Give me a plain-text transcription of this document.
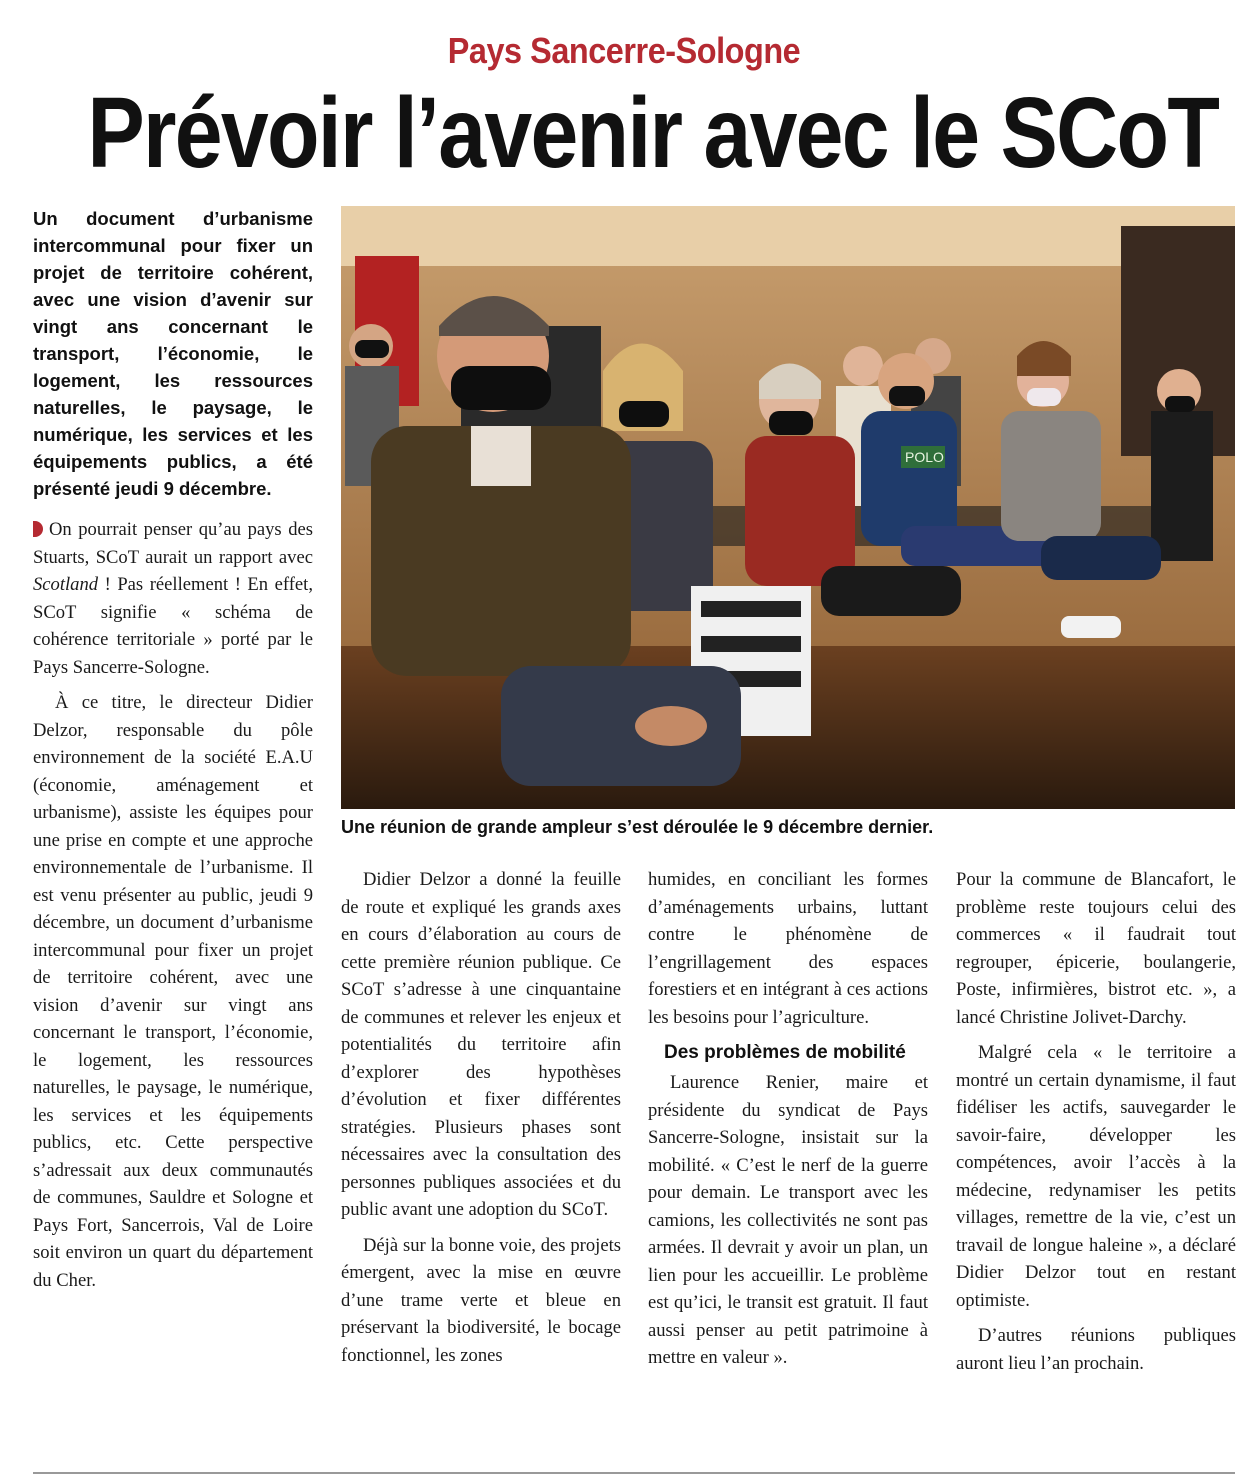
Pays Sancerre-Sologne
Prévoir l’avenir avec le SCoT

Un document d’urbanisme intercommunal pour fixer un projet de territoire cohérent, avec une vision d’avenir sur vingt ans concernant le transport, l’économie, le logement, les ressources naturelles, le paysage, le numérique, les services et les équipements publics, a été présenté jeudi 9 décembre.

POLO
Une réunion de grande ampleur s’est déroulée le 9 décembre dernier.

On pourrait penser qu’au pays des Stuarts, SCoT aurait un rapport avec Scotland ! Pas réellement ! En effet, SCoT signifie « schéma de cohérence territoriale » porté par le Pays Sancerre-Sologne.

À ce titre, le directeur Didier Delzor, responsable du pôle environnement de la société E.A.U (économie, aménagement et urbanisme), assiste les équipes pour une prise en compte et une approche environnementale de l’urbanisme. Il est venu présenter au public, jeudi 9 décembre, un document d’urbanisme intercommunal pour fixer un projet de territoire cohérent, avec une vision d’avenir sur vingt ans concernant le transport, l’économie, le logement, les ressources naturelles, le paysage, le numérique, les services et les équipements publics, etc. Cette perspective s’adressait aux deux communautés de communes, Sauldre et Sologne et Pays Fort, Sancerrois, Val de Loire soit environ un quart du département du Cher.

Didier Delzor a donné la feuille de route et expliqué les grands axes en cours d’élaboration au cours de cette première réunion publique. Ce SCoT s’adresse à une cinquantaine de communes et relever les enjeux et potentialités du territoire afin d’explorer des hypothèses d’évolution et fixer différentes stratégies. Plusieurs phases sont nécessaires avec la consultation des personnes publiques associées et du public avant une adoption du SCoT.

Déjà sur la bonne voie, des projets émergent, avec la mise en œuvre d’une trame verte et bleue en préservant la biodiversité, le bocage fonctionnel, les zones

humides, en conciliant les formes d’aménagements urbains, luttant contre le phénomène de l’engrillagement des espaces forestiers et en intégrant à ces actions les besoins pour l’agriculture.

Des problèmes de mobilité

Laurence Renier, maire et présidente du syndicat de Pays Sancerre-Sologne, insistait sur la mobilité. « C’est le nerf de la guerre pour demain. Le transport avec les camions, les collectivités ne sont pas armées. Il devrait y avoir un plan, un lien pour les accueillir. Le problème est qu’ici, le transit est gratuit. Il faut aussi penser au petit patrimoine à mettre en valeur ».

Pour la commune de Blancafort, le problème reste toujours celui des commerces « il faudrait tout regrouper, épicerie, boulangerie, Poste, infirmières, bistrot etc. », a lancé Christine Jolivet-Darchy.

Malgré cela « le territoire a montré un certain dynamisme, il faut fidéliser les actifs, sauvegarder le savoir-faire, développer les compétences, avoir l’accès à la médecine, redynamiser les petits villages, remettre de la vie, c’est un travail de longue haleine », a déclaré Didier Delzor tout en restant optimiste.

D’autres réunions publiques auront lieu l’an prochain.
